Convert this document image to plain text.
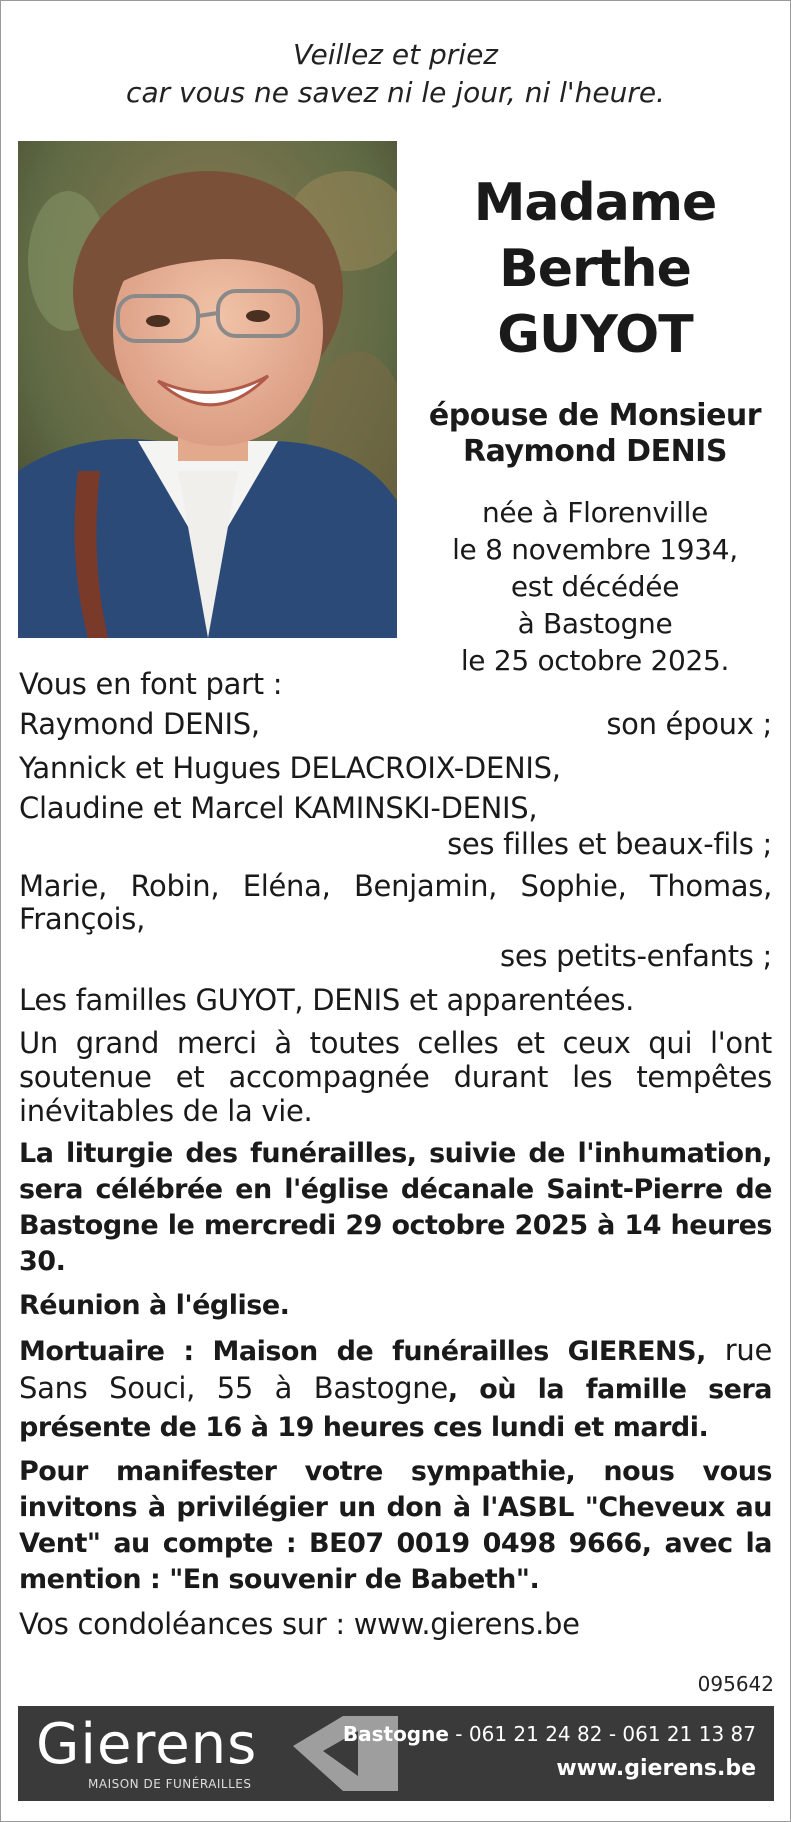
Veillez et priez
car vous ne savez ni le jour, ni l'heure.
Madame
Berthe GUYOT
épouse de Monsieur
Raymond DENIS
née à Florenville
le 8 novembre 1934,
est décédée
à Bastogne
le 25 octobre 2025.

Vous en font part :

Raymond DENIS,	son époux ;

Yannick et Hugues DELACROIX-DENIS,

Claudine et Marcel KAMINSKI-DENIS,

ses filles et beaux-fils ;

Marie, Robin, Eléna, Benjamin, Sophie, Thomas, François,

ses petits-enfants ;

Les familles GUYOT, DENIS et apparentées.

Un grand merci à toutes celles et ceux qui l'ont soutenue et accompagnée durant les tempêtes inévitables de la vie.

La liturgie des funérailles, suivie de l'inhumation, sera célébrée en l'église décanale Saint-Pierre de Bastogne le mercredi 29 octobre 2025 à 14 heures 30.

Réunion à l'église.

Mortuaire : Maison de funérailles GIERENS, rue Sans Souci, 55 à Bastogne, où la famille sera présente de 16 à 19 heures ces lundi et mardi.

Pour manifester votre sympathie, nous vous invitons à privilégier un don à l'ASBL "Cheveux au Vent" au compte : BE07 0019 0498 9666, avec la mention : "En souvenir de Babeth".

Vos condoléances sur : www.gierens.be

095642
Gierens
MAISON DE FUNÉRAILLES
Bastogne - 061 21 24 82 - 061 21 13 87
www.gierens.be
